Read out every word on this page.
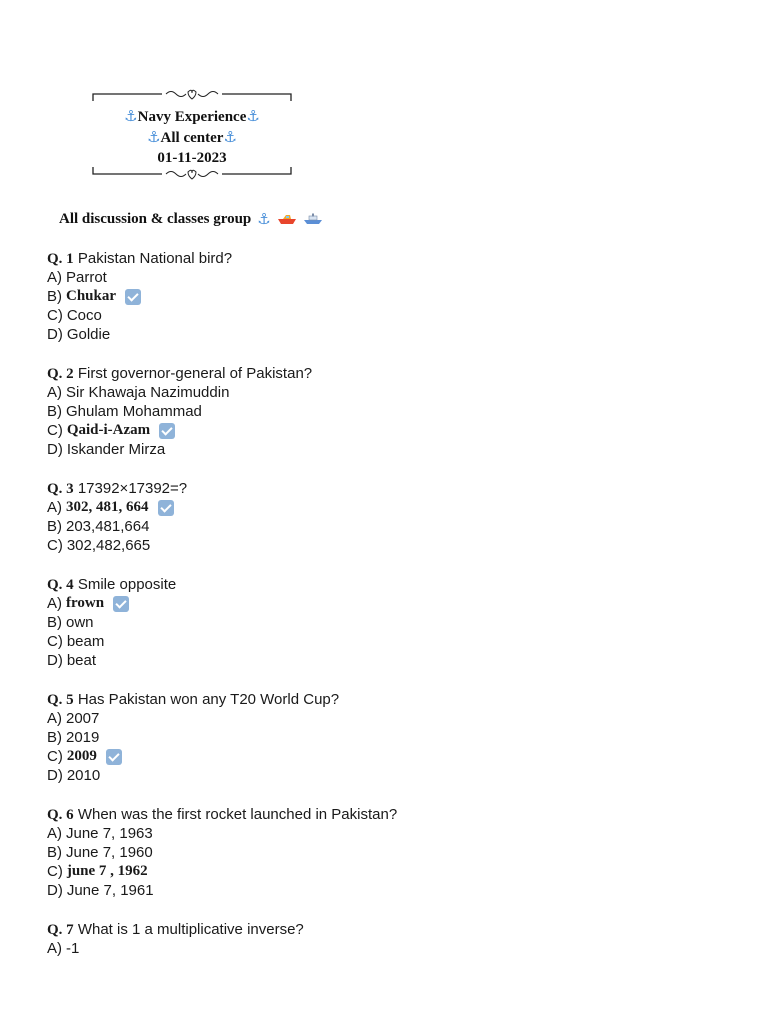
⚓Navy Experience⚓
⚓All center⚓
01-11-2023
All discussion & classes group ⚓
Q. 1 Pakistan National bird?
A) Parrot
B) Chukar
C) Coco
D) Goldie
Q. 2 First governor-general of Pakistan?
A) Sir Khawaja Nazimuddin
B) Ghulam Mohammad
C) Qaid-i-Azam
D) Iskander Mirza
Q. 3 17392×17392=?
A) 302, 481, 664
B) 203,481,664
C) 302,482,665
Q. 4 Smile opposite
A) frown
B) own
C) beam
D) beat
Q. 5 Has Pakistan won any T20 World Cup?
A) 2007
B) 2019
C) 2009
D) 2010
Q. 6 When was the first rocket launched in Pakistan?
A) June 7, 1963
B) June 7, 1960
C) june 7 , 1962
D) June 7, 1961
Q. 7 What is 1 a multiplicative inverse?
A) -1
